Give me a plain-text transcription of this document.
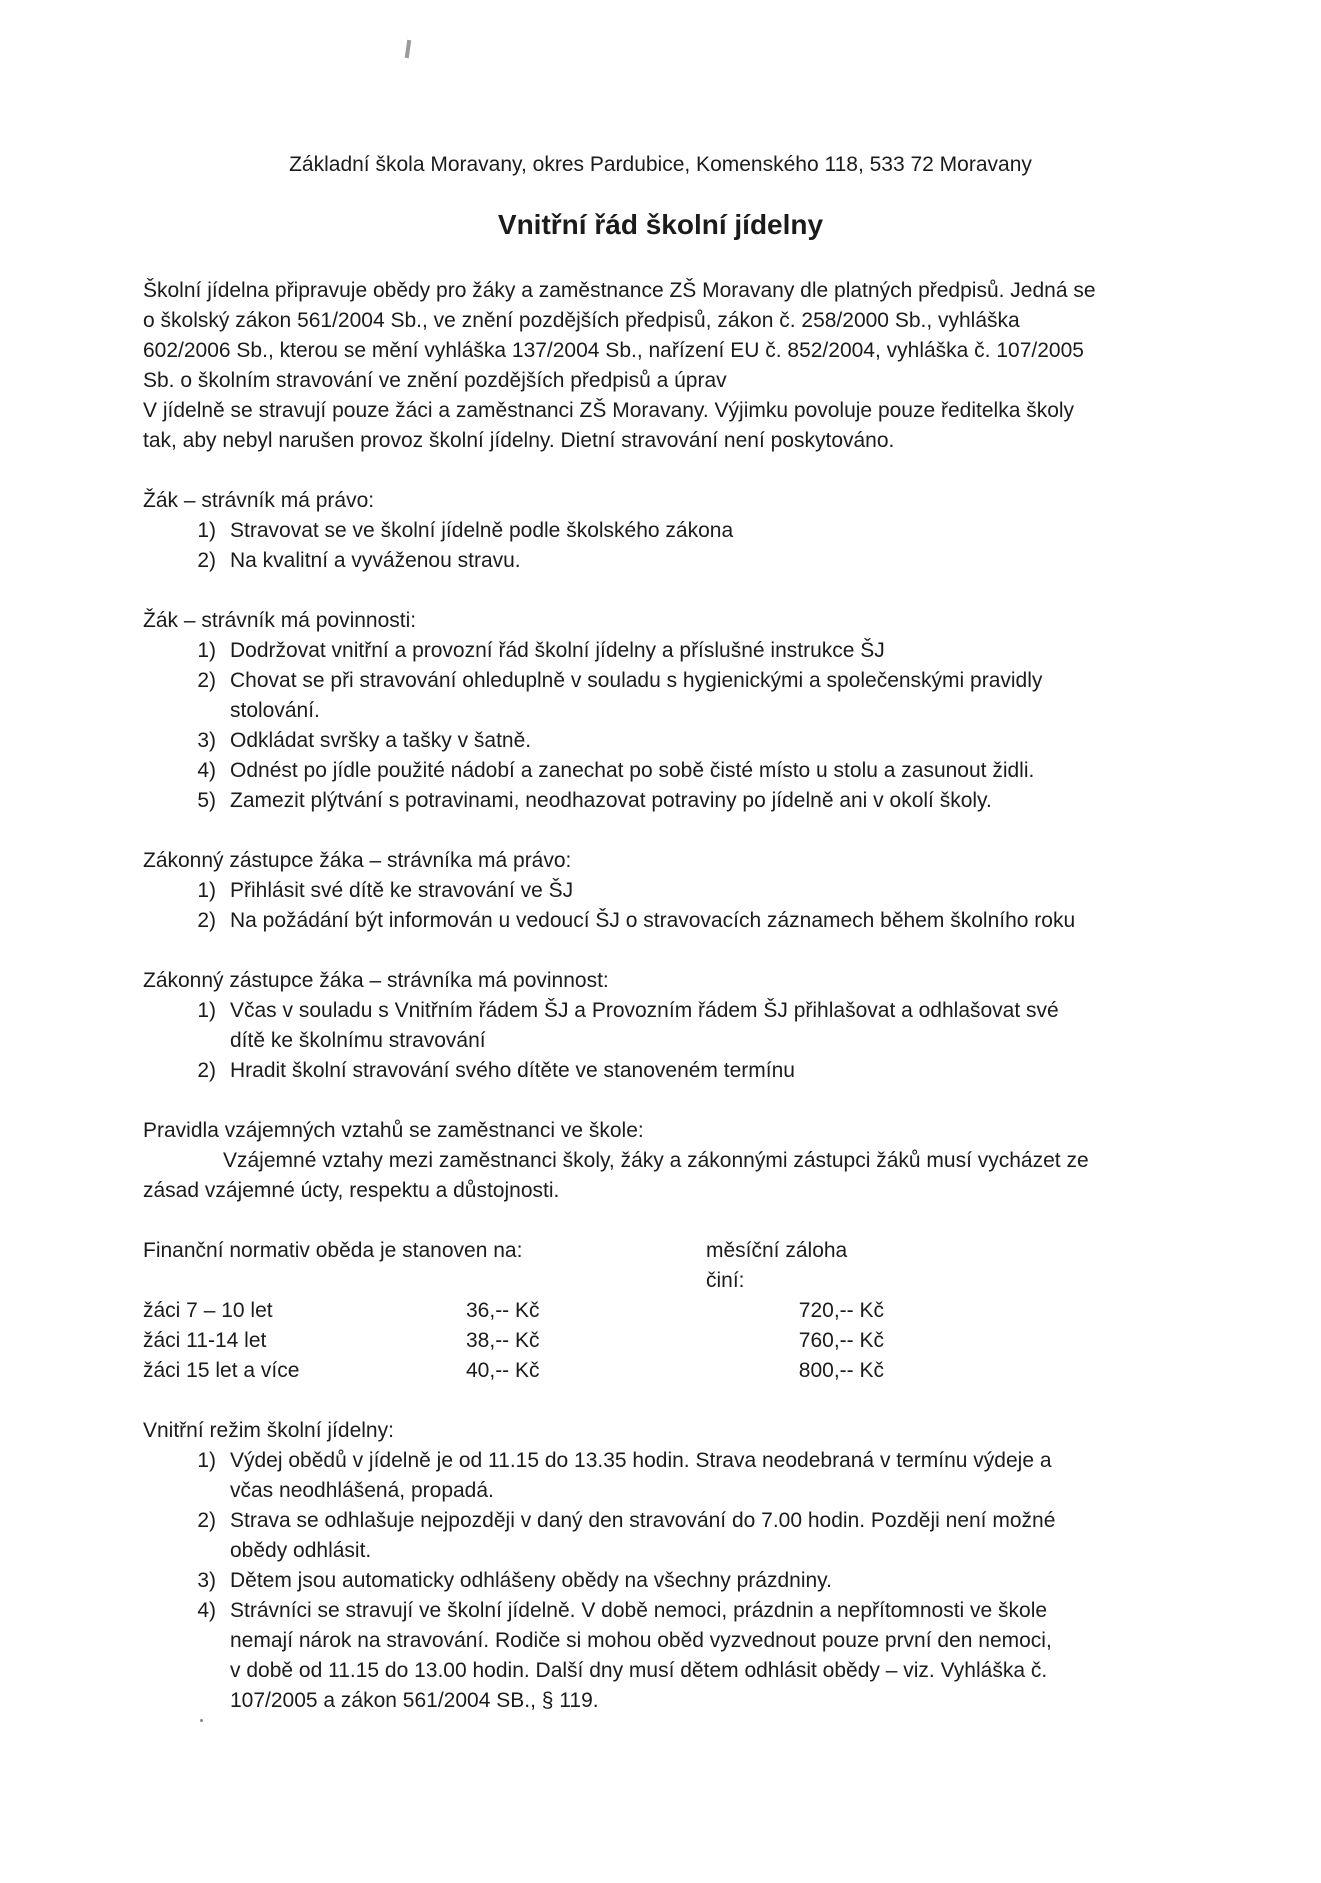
Základní škola Moravany, okres Pardubice, Komenského 118, 533 72 Moravany
Vnitřní řád školní jídelny

Školní jídelna připravuje obědy pro žáky a zaměstnance ZŠ Moravany dle platných předpisů. Jedná se

o školský zákon 561/2004 Sb., ve znění pozdějších předpisů, zákon č. 258/2000 Sb., vyhláška

602/2006 Sb., kterou se mění vyhláška 137/2004 Sb., nařízení EU č. 852/2004, vyhláška č. 107/2005

Sb. o školním stravování ve znění pozdějších předpisů a úprav

V jídelně se stravují pouze žáci a zaměstnanci ZŠ Moravany. Výjimku povoluje pouze ředitelka školy

tak, aby nebyl narušen provoz školní jídelny. Dietní stravování není poskytováno.

Žák – strávník má právo:

1) Stravovat se ve školní jídelně podle školského zákona

2) Na kvalitní a vyváženou stravu.

Žák – strávník má povinnosti:

1) Dodržovat vnitřní a provozní řád školní jídelny a příslušné instrukce ŠJ

2) Chovat se při stravování ohleduplně v souladu s hygienickými a společenskými pravidly

stolování.

3) Odkládat svršky a tašky v šatně.

4) Odnést po jídle použité nádobí a zanechat po sobě čisté místo u stolu a zasunout židli.

5) Zamezit plýtvání s potravinami, neodhazovat potraviny po jídelně ani v okolí školy.

Zákonný zástupce žáka – strávníka má právo:

1) Přihlásit své dítě ke stravování ve ŠJ

2) Na požádání být informován u vedoucí ŠJ o stravovacích záznamech během školního roku

Zákonný zástupce žáka – strávníka má povinnost:

1) Včas v souladu s Vnitřním řádem ŠJ a Provozním řádem ŠJ přihlašovat a odhlašovat své

dítě ke školnímu stravování

2) Hradit školní stravování svého dítěte ve stanoveném termínu

Pravidla vzájemných vztahů se zaměstnanci ve škole:

Vzájemné vztahy mezi zaměstnanci školy, žáky a zákonnými zástupci žáků musí vycházet ze

zásad vzájemné úcty, respektu a důstojnosti.

Finanční normativ oběda je stanoven na:	měsíční záloha činí:
žáci 7 – 10 let	36,-- Kč	720,-- Kč
žáci 11-14 let	38,-- Kč	760,-- Kč
žáci 15 let a více	40,-- Kč	800,-- Kč

Vnitřní režim školní jídelny:

1) Výdej obědů v jídelně je od 11.15 do 13.35 hodin. Strava neodebraná v termínu výdeje a

včas neodhlášená, propadá.

2) Strava se odhlašuje nejpozději v daný den stravování do 7.00 hodin. Později není možné

obědy odhlásit.

3) Dětem jsou automaticky odhlášeny obědy na všechny prázdniny.

4) Strávníci se stravují ve školní jídelně. V době nemoci, prázdnin a nepřítomnosti ve škole

nemají nárok na stravování. Rodiče si mohou oběd vyzvednout pouze první den nemoci,

v době od 11.15 do 13.00 hodin. Další dny musí dětem odhlásit obědy – viz. Vyhláška č.

107/2005 a zákon 561/2004 SB., § 119.
